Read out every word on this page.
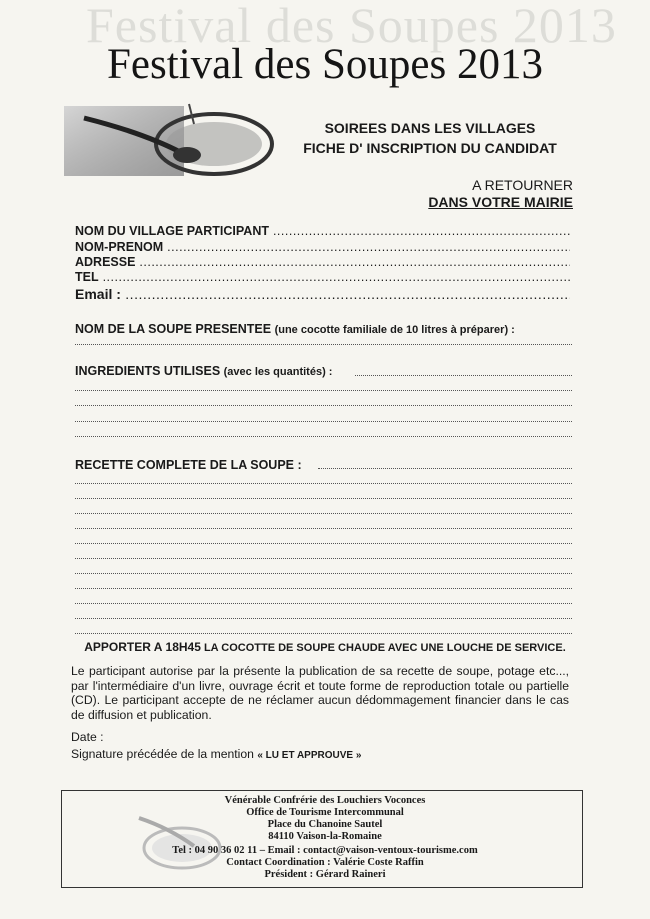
Festival des Soupes 2013
Festival des Soupes 2013
SOIREES DANS LES VILLAGES
FICHE D' INSCRIPTION DU CANDIDAT
A RETOURNER
DANS VOTRE MAIRIE
NOM DU VILLAGE PARTICIPANT .....
NOM-PRENOM .....
ADRESSE .....
TEL .....
Email : .....
NOM DE LA SOUPE PRESENTEE (une cocotte familiale de 10 litres à préparer) :
INGREDIENTS UTILISES (avec les quantités) :
RECETTE COMPLETE DE LA SOUPE :
APPORTER A 18H45 LA COCOTTE DE SOUPE CHAUDE AVEC UNE LOUCHE DE SERVICE.
Le participant autorise par la présente la publication de sa recette de soupe, potage etc..., par l'intermédiaire d'un livre, ouvrage écrit et toute forme de reproduction totale ou partielle (CD). Le participant accepte de ne réclamer aucun dédommagement financier dans le cas de diffusion et publication.
Date :
Signature précédée de la mention « LU ET APPROUVE »
Vénérable Confrérie des Louchiers Voconces
Office de Tourisme Intercommunal
Place du Chanoine Sautel
84110 Vaison-la-Romaine
Tel : 04 90 36 02 11 – Email : contact@vaison-ventoux-tourisme.com
Contact Coordination : Valérie Coste Raffin
Président : Gérard Raineri
